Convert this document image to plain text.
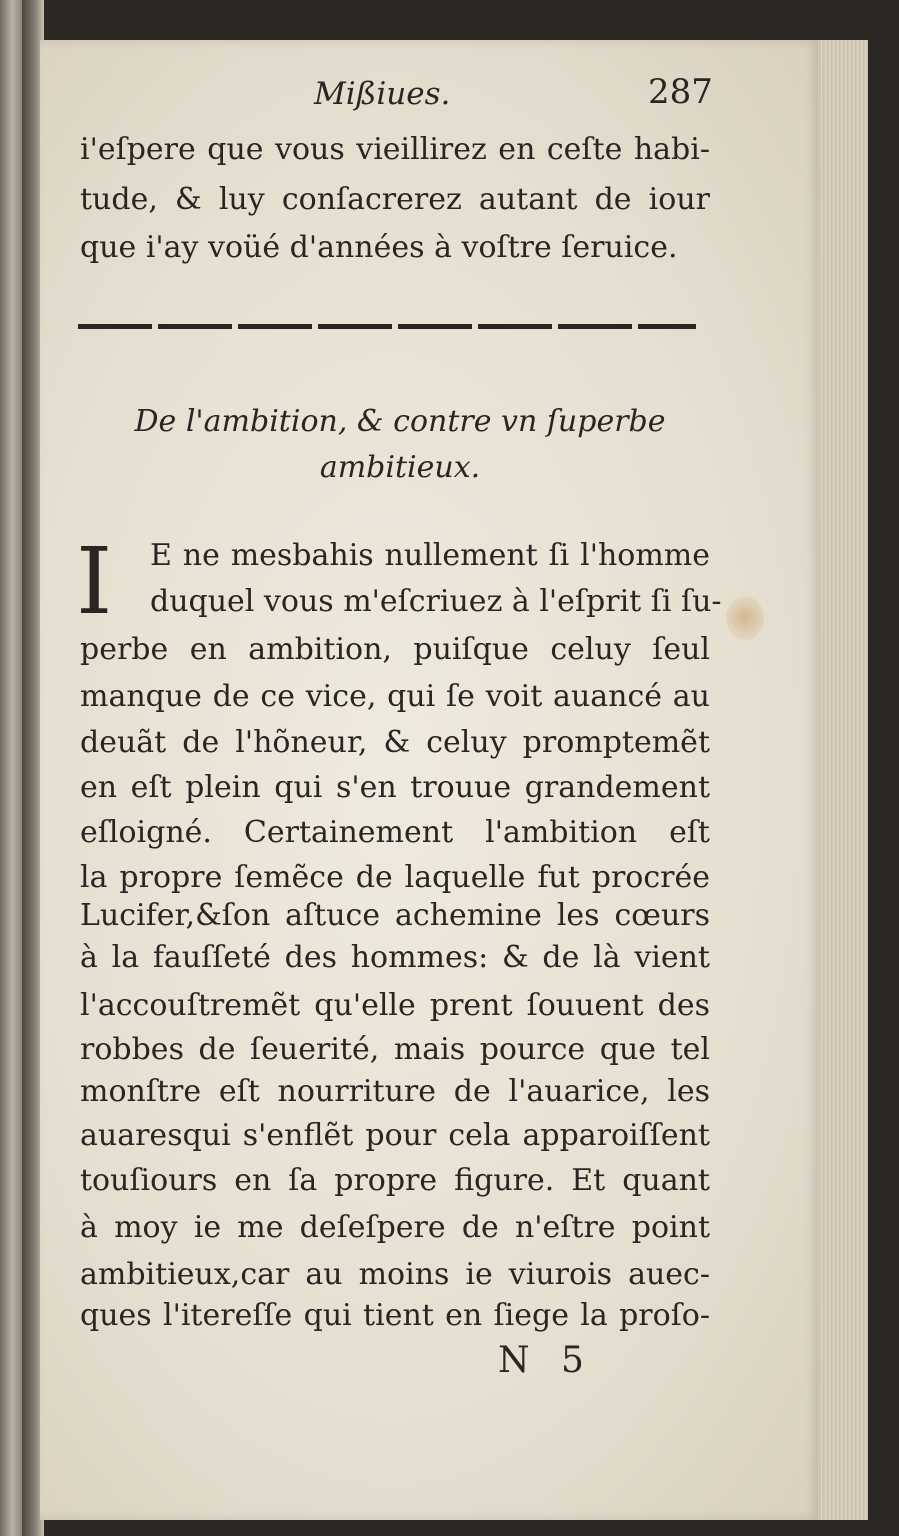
Mißiues.	287
i'eſpere que vous vieillirez en ceſte habi-
tude, & luy conſacrerez autant de iour
que i'ay voüé d'années à voſtre ſeruice.
De l'ambition, & contre vn ſuperbe
ambitieux.
I E ne mesbahis nullement ſi l'homme
duquel vous m'eſcriuez à l'eſprit ſi ſu-
perbe en ambition, puiſque celuy ſeul
manque de ce vice, qui ſe voit auancé au
deuãt de l'hõneur, & celuy promptemẽt
en eſt plein qui s'en trouue grandement
eſloigné. Certainement l'ambition eſt
la propre ſemẽce de laquelle fut procrée
Lucifer,&ſon aſtuce achemine les cœurs
à la fauſſeté des hommes: & de là vient
l'accouſtremẽt qu'elle prent ſouuent des
robbes de ſeuerité, mais pource que tel
monſtre eſt nourriture de l'auarice, les
auaresqui s'enflẽt pour cela apparoiſſent
touſiours en ſa propre figure. Et quant
à moy ie me deſeſpere de n'eſtre point
ambitieux,car au moins ie viurois auec-
ques l'itereſſe qui tient en ſiege la proſo-
N 5
